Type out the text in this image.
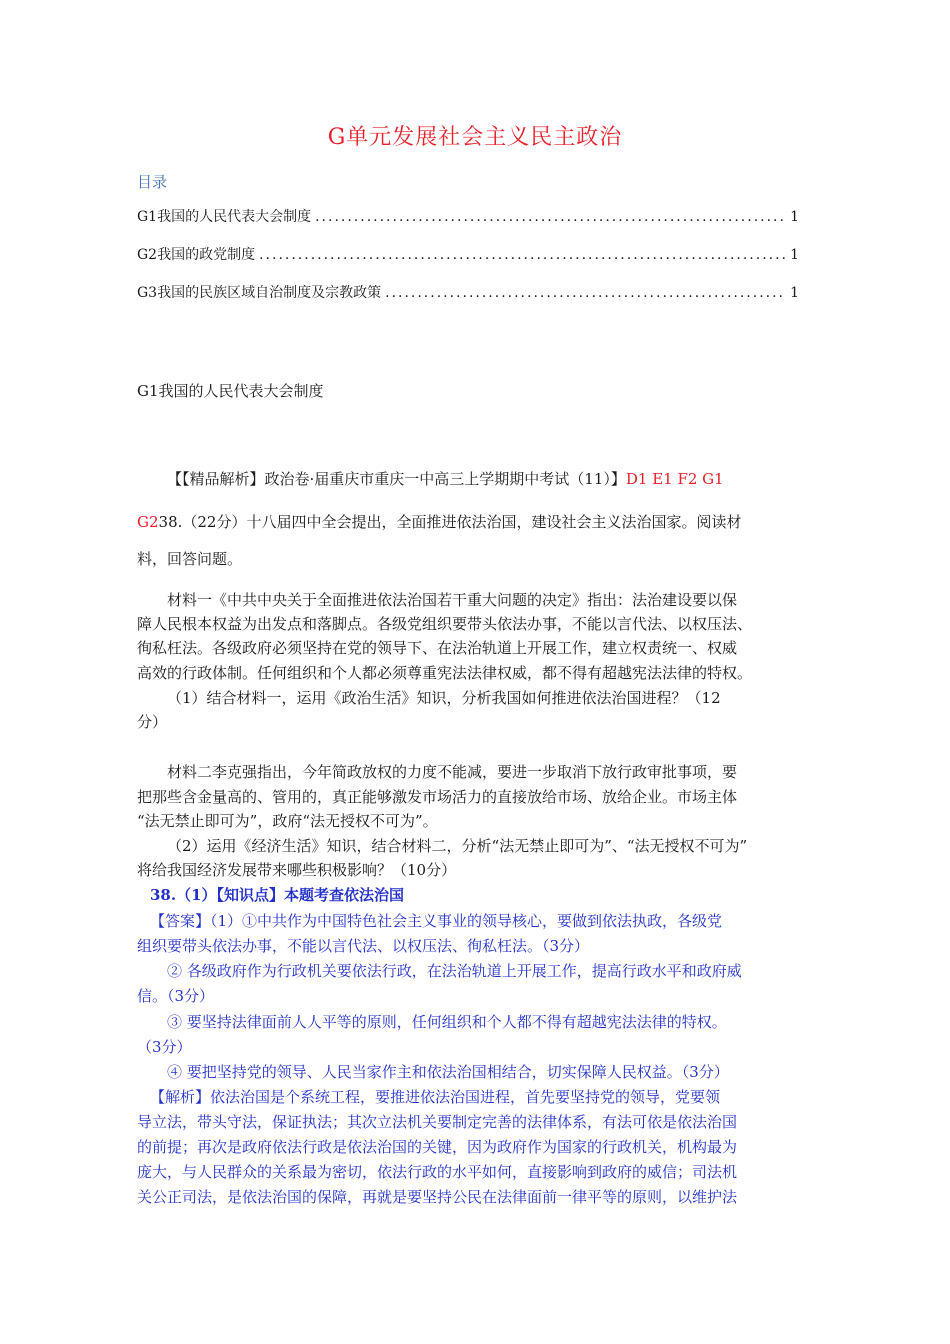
G单元发展社会主义民主政治
目录
G1我国的人民代表大会制度 .....	1
G2我国的政党制度 .....	1
G3我国的民族区域自治制度及宗教政策 .....	1
G1我国的人民代表大会制度
【【精品解析】政治卷·届重庆市重庆一中高三上学期期中考试（11）】D1 E1 F2 G1
G238.（22分）十八届四中全会提出，全面推进依法治国，建设社会主义法治国家。阅读材
料，回答问题。
材料一《中共中央关于全面推进依法治国若干重大问题的决定》指出：法治建设要以保
障人民根本权益为出发点和落脚点。各级党组织要带头依法办事，不能以言代法、以权压法、
徇私枉法。各级政府必须坚持在党的领导下、在法治轨道上开展工作，建立权责统一、权威
高效的行政体制。任何组织和个人都必须尊重宪法法律权威，都不得有超越宪法法律的特权。
（1）结合材料一，运用《政治生活》知识，分析我国如何推进依法治国进程？（12
分）
材料二李克强指出，今年简政放权的力度不能减，要进一步取消下放行政审批事项，要
把那些含金量高的、管用的，真正能够激发市场活力的直接放给市场、放给企业。市场主体
“法无禁止即可为”，政府“法无授权不可为”。
（2）运用《经济生活》知识，结合材料二，分析“法无禁止即可为”、“法无授权不可为”
将给我国经济发展带来哪些积极影响？（10分）
38.（1）【知识点】本题考查依法治国
【答案】（1）①中共作为中国特色社会主义事业的领导核心，要做到依法执政，各级党
组织要带头依法办事，不能以言代法、以权压法、徇私枉法。（3分）
② 各级政府作为行政机关要依法行政，在法治轨道上开展工作，提高行政水平和政府威
信。（3分）
③ 要坚持法律面前人人平等的原则，任何组织和个人都不得有超越宪法法律的特权。
（3分）
④ 要把坚持党的领导、人民当家作主和依法治国相结合，切实保障人民权益。（3分）
【解析】依法治国是个系统工程，要推进依法治国进程，首先要坚持党的领导，党要领
导立法，带头守法，保证执法；其次立法机关要制定完善的法律体系，有法可依是依法治国
的前提；再次是政府依法行政是依法治国的关键，因为政府作为国家的行政机关，机构最为
庞大，与人民群众的关系最为密切，依法行政的水平如何，直接影响到政府的威信；司法机
关公正司法，是依法治国的保障，再就是要坚持公民在法律面前一律平等的原则，以维护法
